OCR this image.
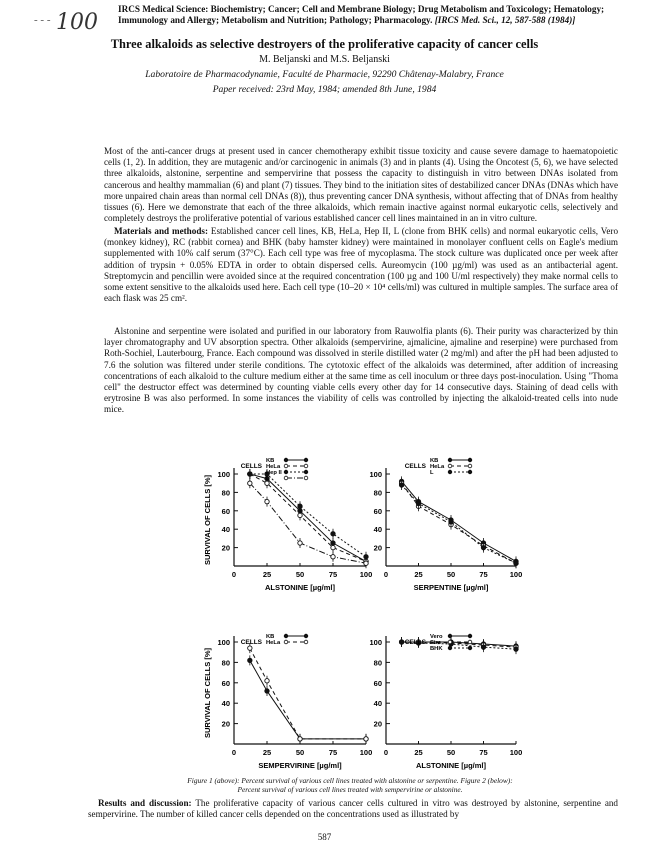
- - - 100
IRCS Medical Science: Biochemistry; Cancer; Cell and Membrane Biology; Drug Metabolism and Toxicology; Hematology;
Immunology and Allergy; Metabolism and Nutrition; Pathology; Pharmacology. [IRCS Med. Sci., 12, 587-588 (1984)]
Three alkaloids as selective destroyers of the proliferative capacity of cancer cells
M. Beljanski and M.S. Beljanski
Laboratoire de Pharmacodynamie, Faculté de Pharmacie, 92290 Châtenay-Malabry, France
Paper received: 23rd May, 1984; amended 8th June, 1984

Most of the anti-cancer drugs at present used in cancer chemotherapy exhibit tissue toxicity and cause severe damage to haematopoietic cells (1, 2). In addition, they are mutagenic and/or carcinogenic in animals (3) and in plants (4). Using the Oncotest (5, 6), we have selected three alkaloids, alstonine, serpentine and sempervirine that possess the capacity to distinguish in vitro between DNAs isolated from cancerous and healthy mammalian (6) and plant (7) tissues. They bind to the initiation sites of destabilized cancer DNAs (DNAs which have more unpaired chain areas than normal cell DNAs (8)), thus preventing cancer DNA synthesis, without affecting that of DNAs from healthy tissues (6). Here we demonstrate that each of the three alkaloids, which remain inactive against normal eukaryotic cells, selectively and completely destroys the proliferative potential of various established cancer cell lines maintained in an in vitro culture.

Materials and methods: Established cancer cell lines, KB, HeLa, Hep II, L (clone from BHK cells) and normal eukaryotic cells, Vero (monkey kidney), RC (rabbit cornea) and BHK (baby hamster kidney) were maintained in monolayer confluent cells on Eagle's medium supplemented with 10% calf serum (37°C). Each cell type was free of mycoplasma. The stock culture was duplicated once per week after addition of trypsin + 0.05% EDTA in order to obtain dispersed cells. Aureomycin (100 µg/ml) was used as an antibacterial agent. Streptomycin and pencillin were avoided since at the required concentration (100 µg and 100 U/ml respectively) they make normal cells to some extent sensitive to the alkaloids used here. Each cell type (10–20 × 10⁴ cells/ml) was cultured in multiple samples. The surface area of each flask was 25 cm².

Alstonine and serpentine were isolated and purified in our laboratory from Rauwolfia plants (6). Their purity was characterized by thin layer chromatography and UV absorption spectra. Other alkaloids (sempervirine, ajmalicine, ajmaline and reserpine) were purchased from Roth-Sochiel, Lauterbourg, France. Each compound was dissolved in sterile distilled water (2 mg/ml) and after the pH had been adjusted to 7.6 the solution was filtered under sterile conditions. The cytotoxic effect of the alkaloids was determined, after addition of increasing concentrations of each alkaloid to the culture medium either at the same time as cell inoculum or three days post-inoculation. Using "Thoma cell" the destructor effect was determined by counting viable cells every other day for 14 consecutive days. Staining of dead cells with erytrosine B was also performed. In some instances the viability of cells was controlled by injecting the alkaloid-treated cells into nude mice.

100
80
60
40
20
0	25	50	75	100
ALSTONINE [µg/ml]
SURVIVAL OF CELLS [%]
CELLS
KB
HeLa
Hep II
L	100
80
60
40
20
0	25	50	75	100
SERPENTINE [µg/ml]
CELLS
KB
HeLa
L
100
80
60
40
20
0	25	50	75	100
SEMPERVIRINE [µg/ml]
SURVIVAL OF CELLS [%]
CELLS
KB
HeLa	100
80
60
40
20
0	25	50	75	100
ALSTONINE [µg/ml]
CELLS
Vero
Sirc
BHK
Figure 1 (above): Percent survival of various cell lines treated with alstonine or serpentine. Figure 2 (below):
Percent survival of various cell lines treated with sempervirine or alstonine.

Results and discussion: The proliferative capacity of various cancer cells cultured in vitro was destroyed by alstonine, serpentine and sempervirine. The number of killed cancer cells depended on the concentrations used as illustrated by

587
